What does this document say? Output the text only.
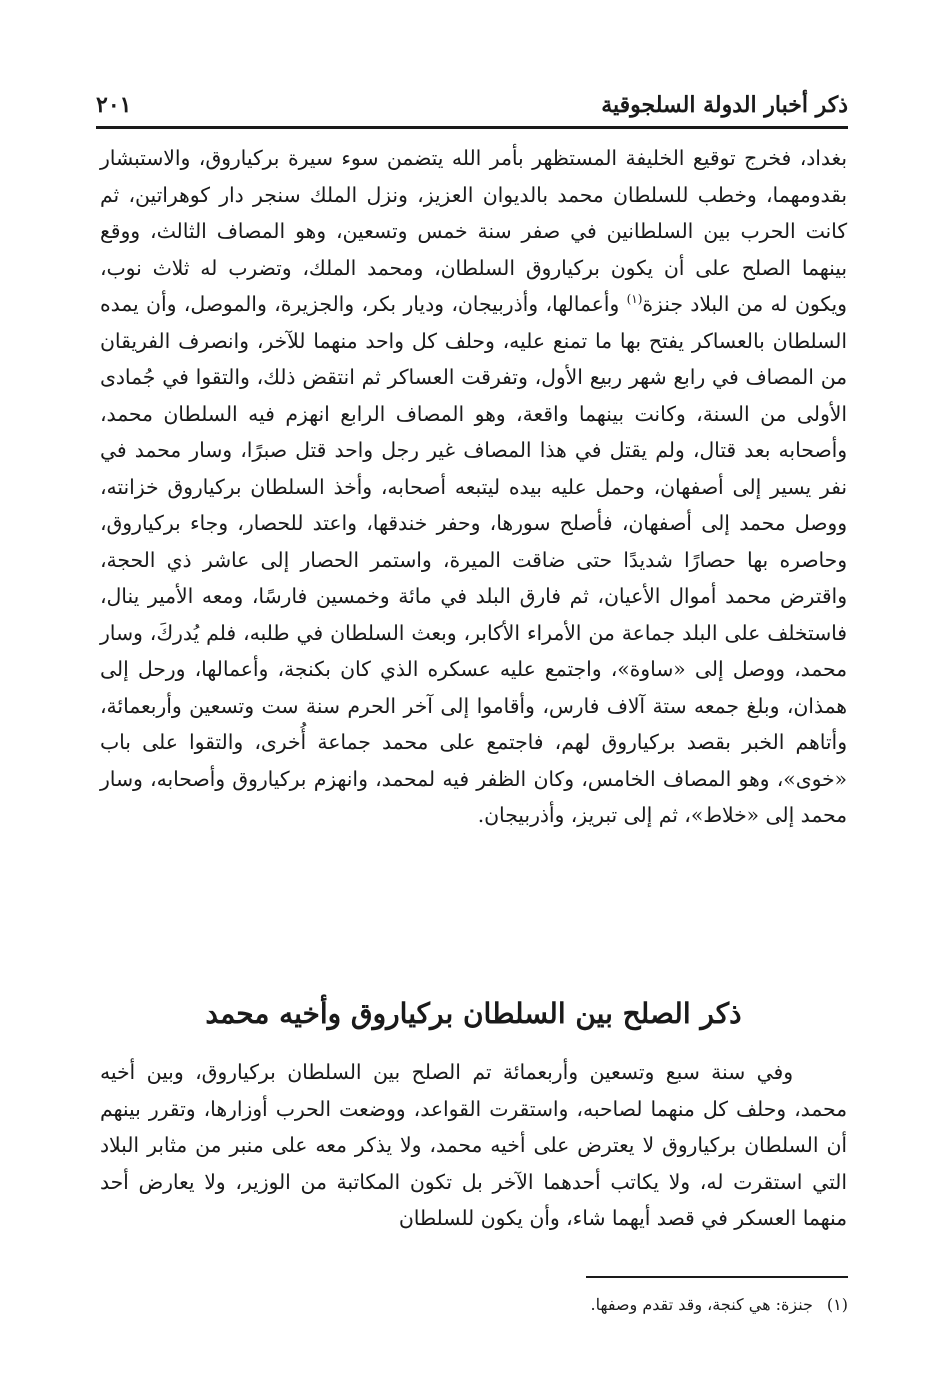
ذكر أخبار الدولة السلجوقية
٢٠١

بغداد، فخرج توقيع الخليفة المستظهر بأمر الله يتضمن سوء سيرة بركياروق، والاستبشار بقدومهما، وخطب للسلطان محمد بالديوان العزيز، ونزل الملك سنجر دار كوهراتين، ثم كانت الحرب بين السلطانين في صفر سنة خمس وتسعين، وهو المصاف الثالث، ووقع بينهما الصلح على أن يكون بركياروق السلطان، ومحمد الملك، وتضرب له ثلاث نوب، ويكون له من البلاد جنزة$^{(١)}$ وأعمالها، وأذربيجان، وديار بكر، والجزيرة، والموصل، وأن يمده السلطان بالعساكر يفتح بها ما تمنع عليه، وحلف كل واحد منهما للآخر، وانصرف الفريقان من المصاف في رابع شهر ربيع الأول، وتفرقت العساكر ثم انتقض ذلك، والتقوا في جُمادى الأولى من السنة، وكانت بينهما واقعة، وهو المصاف الرابع انهزم فيه السلطان محمد، وأصحابه بعد قتال، ولم يقتل في هذا المصاف غير رجل واحد قتل صبرًا، وسار محمد في نفر يسير إلى أصفهان، وحمل عليه بيده ليتبعه أصحابه، وأخذ السلطان بركياروق خزانته، ووصل محمد إلى أصفهان، فأصلح سورها، وحفر خندقها، واعتد للحصار، وجاء بركياروق، وحاصره بها حصارًا شديدًا حتى ضاقت الميرة، واستمر الحصار إلى عاشر ذي الحجة، واقترض محمد أموال الأعيان، ثم فارق البلد في مائة وخمسين فارسًا، ومعه الأمير ينال، فاستخلف على البلد جماعة من الأمراء الأكابر، وبعث السلطان في طلبه، فلم يُدركَ، وسار محمد، ووصل إلى «ساوة»، واجتمع عليه عسكره الذي كان بكنجة، وأعمالها، ورحل إلى همذان، وبلغ جمعه ستة آلاف فارس، وأقاموا إلى آخر الحرم سنة ست وتسعين وأربعمائة، وأتاهم الخبر بقصد بركياروق لهم، فاجتمع على محمد جماعة أُخرى، والتقوا على باب «خوى»، وهو المصاف الخامس، وكان الظفر فيه لمحمد، وانهزم بركياروق وأصحابه، وسار محمد إلى «خلاط»، ثم إلى تبريز، وأذربيجان.

ذكر الصلح بين السلطان بركياروق وأخيه محمد

وفي سنة سبع وتسعين وأربعمائة تم الصلح بين السلطان بركياروق، وبين أخيه محمد، وحلف كل منهما لصاحبه، واستقرت القواعد، ووضعت الحرب أوزارها، وتقرر بينهم أن السلطان بركياروق لا يعترض على أخيه محمد، ولا يذكر معه على منبر من مثابر البلاد التي استقرت له، ولا يكاتب أحدهما الآخر بل تكون المكاتبة من الوزير، ولا يعارض أحد منهما العسكر في قصد أيهما شاء، وأن يكون للسلطان

(١)جنزة: هي كنجة، وقد تقدم وصفها.
